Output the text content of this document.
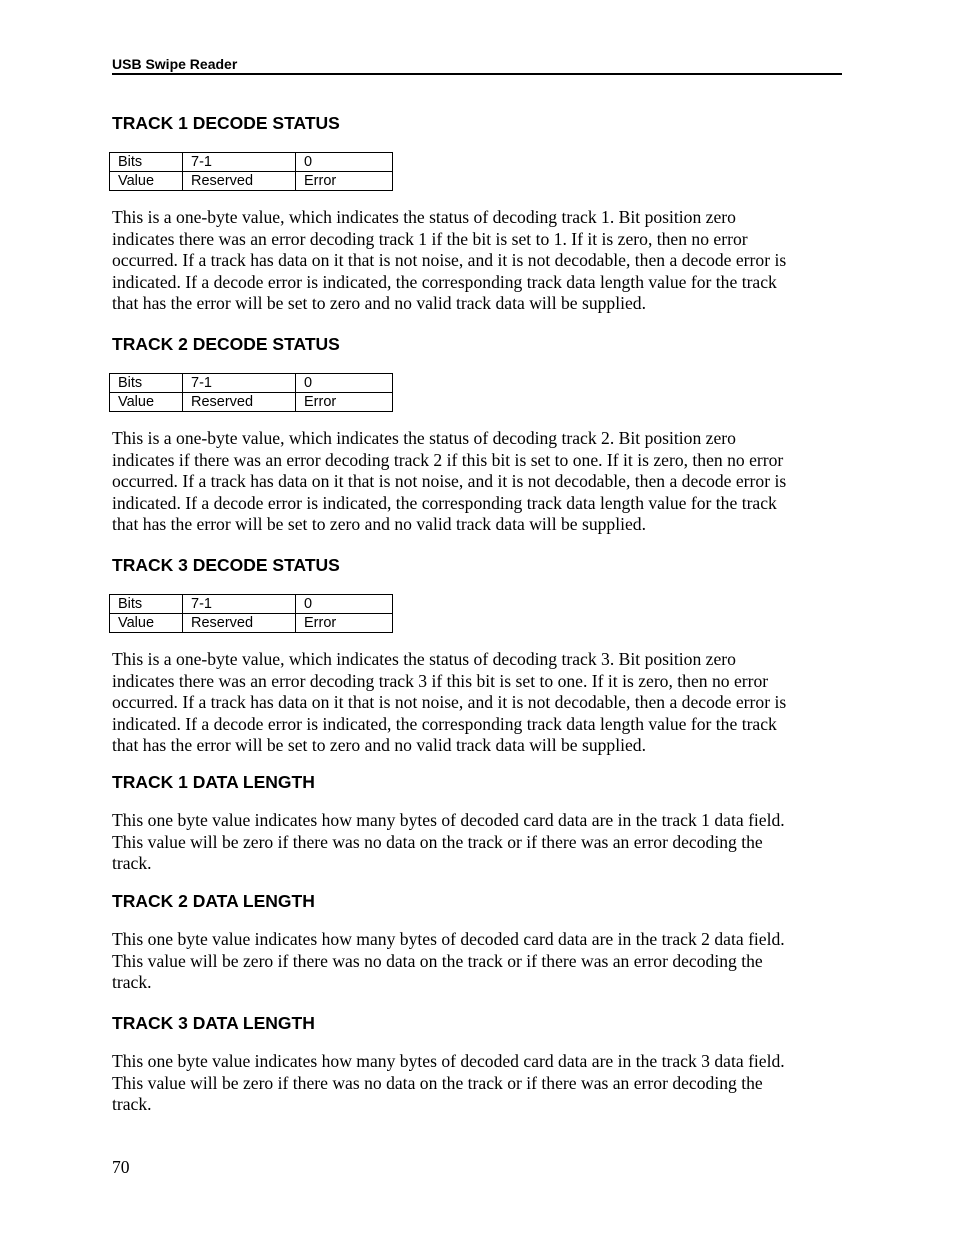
USB Swipe Reader
TRACK 1 DECODE STATUS
Bits	7-1	0
Value	Reserved	Error

This is a one-byte value, which indicates the status of decoding track 1. Bit position zero
indicates there was an error decoding track 1 if the bit is set to 1. If it is zero, then no error
occurred. If a track has data on it that is not noise, and it is not decodable, then a decode error is
indicated. If a decode error is indicated, the corresponding track data length value for the track
that has the error will be set to zero and no valid track data will be supplied.

TRACK 2 DECODE STATUS
Bits	7-1	0
Value	Reserved	Error

This is a one-byte value, which indicates the status of decoding track 2. Bit position zero
indicates if there was an error decoding track 2 if this bit is set to one. If it is zero, then no error
occurred. If a track has data on it that is not noise, and it is not decodable, then a decode error is
indicated. If a decode error is indicated, the corresponding track data length value for the track
that has the error will be set to zero and no valid track data will be supplied.

TRACK 3 DECODE STATUS
Bits	7-1	0
Value	Reserved	Error

This is a one-byte value, which indicates the status of decoding track 3. Bit position zero
indicates there was an error decoding track 3 if this bit is set to one. If it is zero, then no error
occurred. If a track has data on it that is not noise, and it is not decodable, then a decode error is
indicated. If a decode error is indicated, the corresponding track data length value for the track
that has the error will be set to zero and no valid track data will be supplied.

TRACK 1 DATA LENGTH

This one byte value indicates how many bytes of decoded card data are in the track 1 data field.
This value will be zero if there was no data on the track or if there was an error decoding the
track.

TRACK 2 DATA LENGTH

This one byte value indicates how many bytes of decoded card data are in the track 2 data field.
This value will be zero if there was no data on the track or if there was an error decoding the
track.

TRACK 3 DATA LENGTH

This one byte value indicates how many bytes of decoded card data are in the track 3 data field.
This value will be zero if there was no data on the track or if there was an error decoding the
track.

70
